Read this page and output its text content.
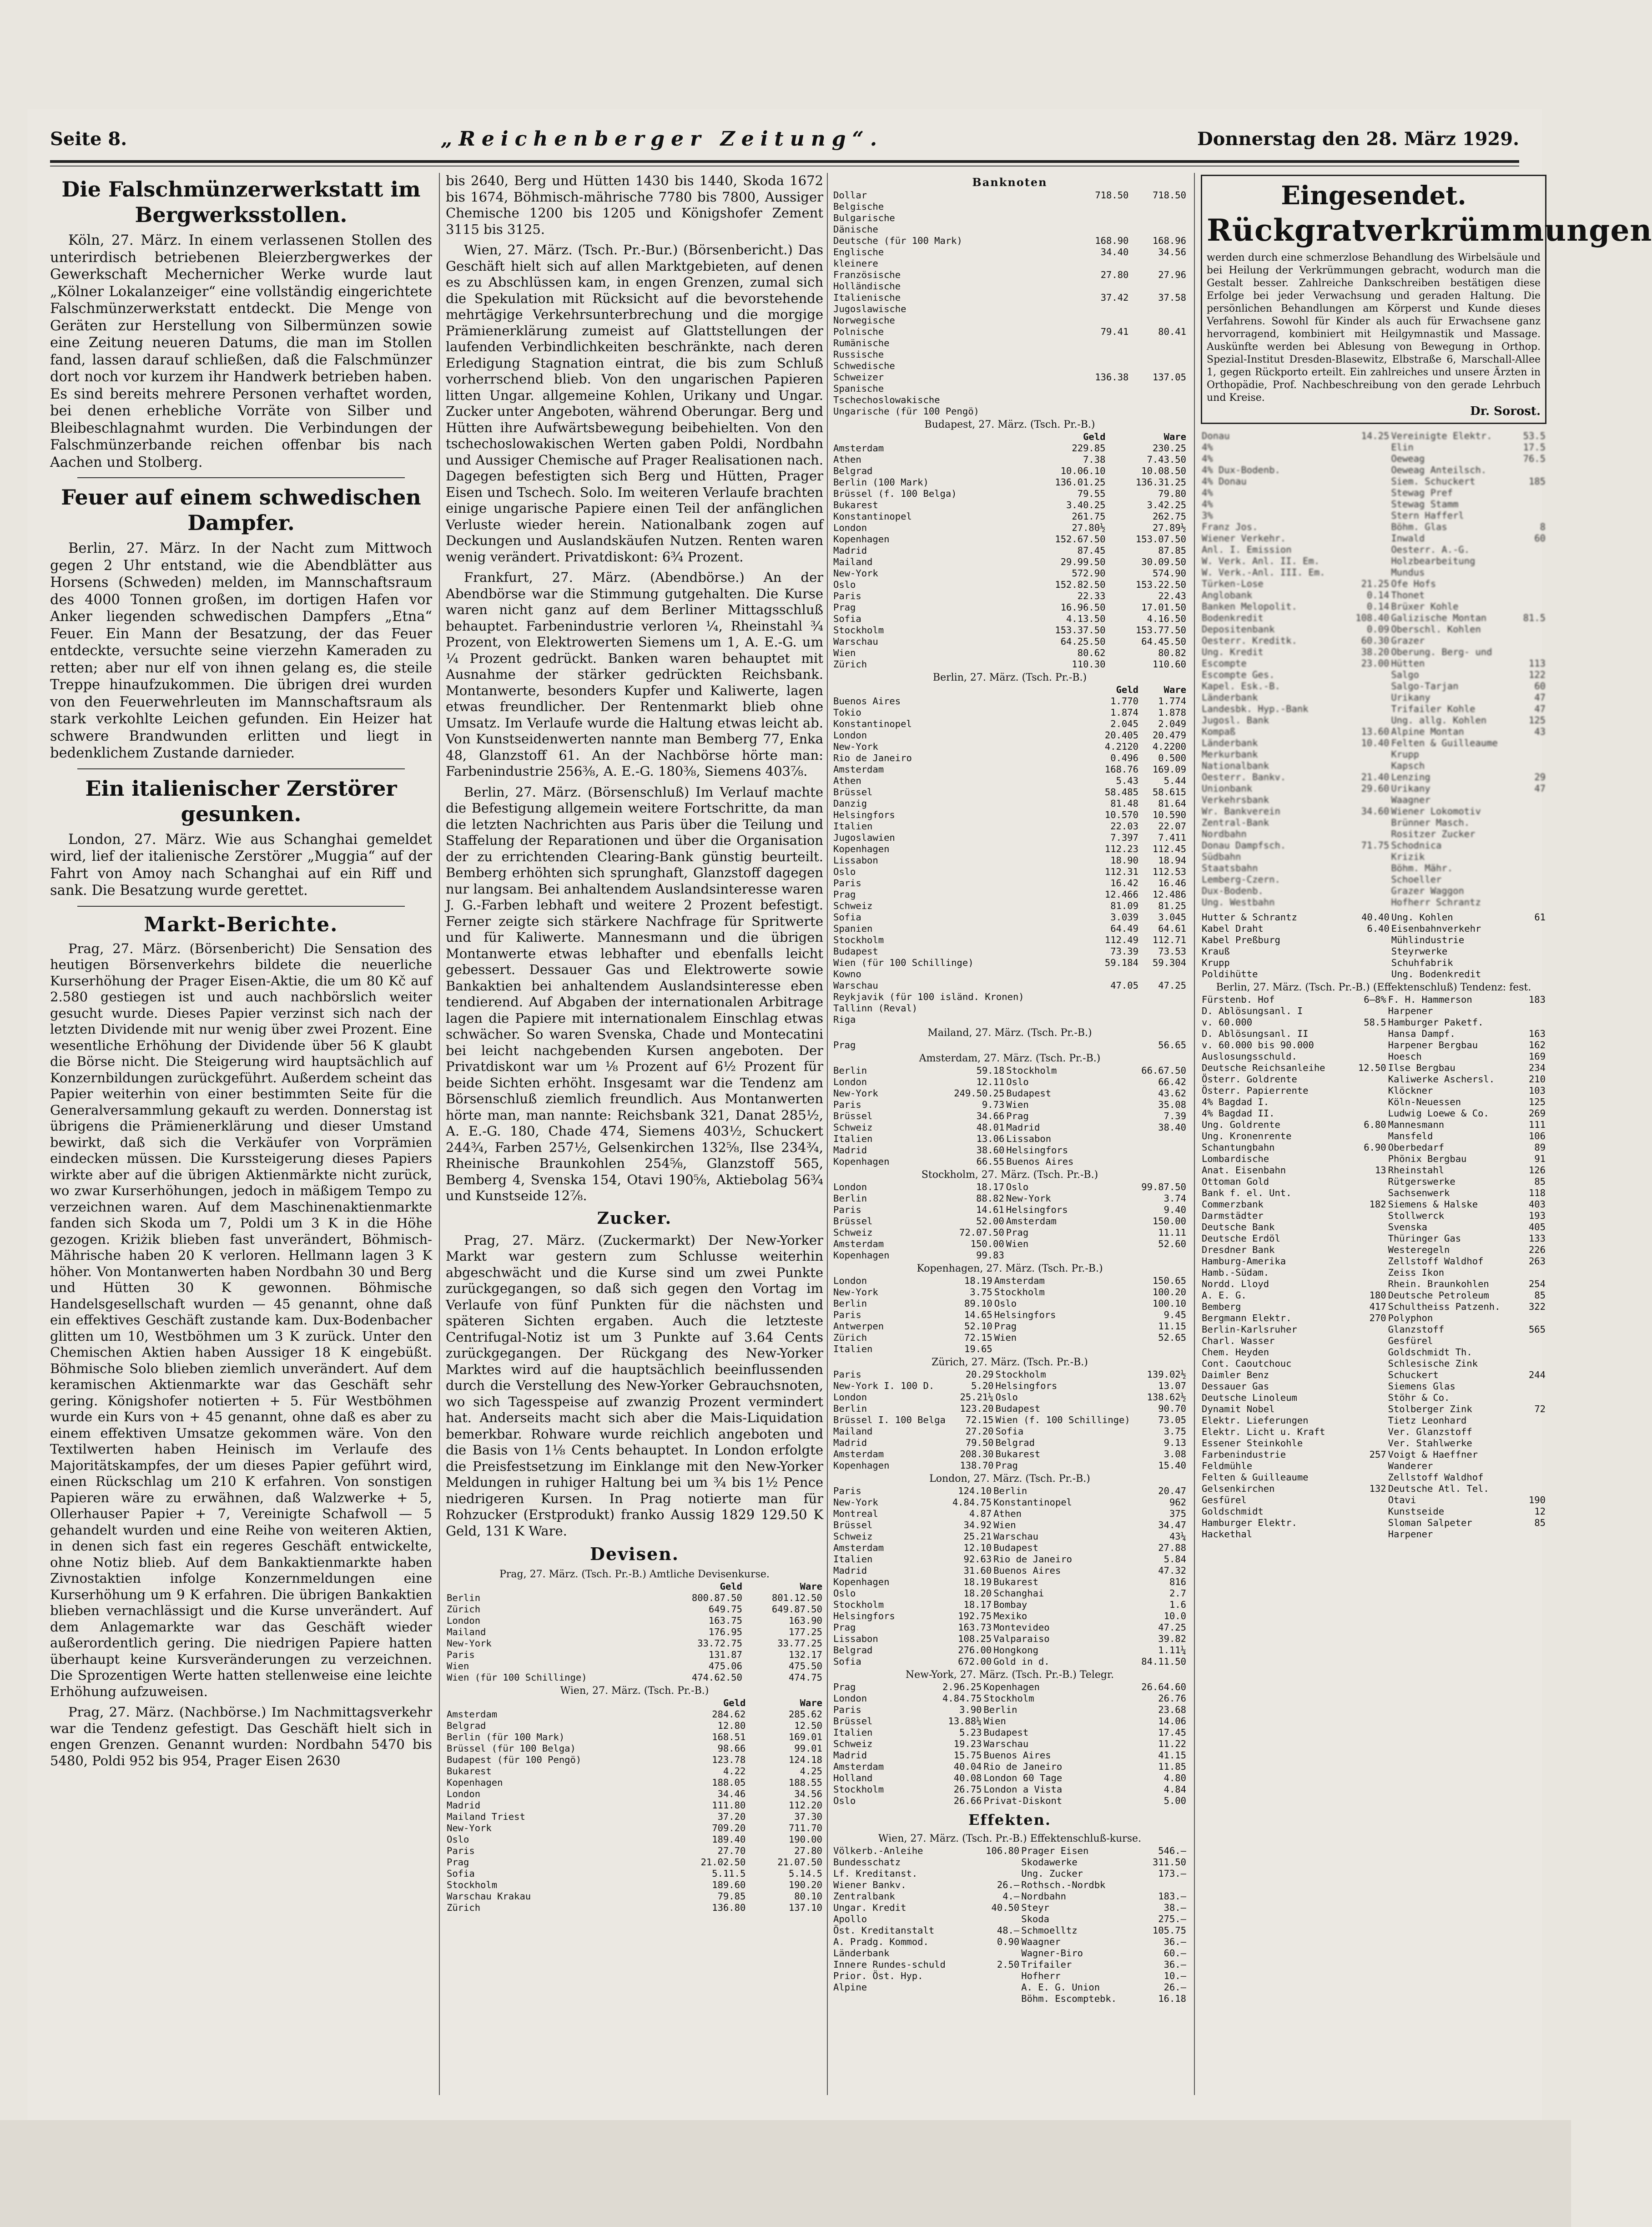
Seite 8.	„Reichenberger Zeitung“.	Donnerstag den 28. März 1929.
Die Falschmünzerwerkstatt im Bergwerksstollen.

Köln, 27. März. In einem verlassenen Stollen des unterirdisch betriebenen Bleierzbergwerkes der Gewerkschaft Mechernicher Werke wurde laut „Kölner Lokalanzeiger“ eine vollständig eingerichtete Falschmünzerwerkstatt entdeckt. Die Menge von Geräten zur Herstellung von Silbermünzen sowie eine Zeitung neueren Datums, die man im Stollen fand, lassen darauf schließen, daß die Falschmünzer dort noch vor kurzem ihr Handwerk betrieben haben. Es sind bereits mehrere Personen verhaftet worden, bei denen erhebliche Vorräte von Silber und Bleibeschlagnahmt wurden. Die Verbindungen der Falschmünzerbande reichen offenbar bis nach Aachen und Stolberg.

Feuer auf einem schwedischen Dampfer.

Berlin, 27. März. In der Nacht zum Mittwoch gegen 2 Uhr entstand, wie die Abendblätter aus Horsens (Schweden) melden, im Mannschaftsraum des 4000 Tonnen großen, im dortigen Hafen vor Anker liegenden schwedischen Dampfers „Etna“ Feuer. Ein Mann der Besatzung, der das Feuer entdeckte, versuchte seine vierzehn Kameraden zu retten; aber nur elf von ihnen gelang es, die steile Treppe hinaufzukommen. Die übrigen drei wurden von den Feuerwehrleuten im Mannschaftsraum als stark verkohlte Leichen gefunden. Ein Heizer hat schwere Brandwunden erlitten und liegt in bedenklichem Zustande darnieder.

Ein italienischer Zerstörer gesunken.

London, 27. März. Wie aus Schanghai gemeldet wird, lief der italienische Zerstörer „Muggia“ auf der Fahrt von Amoy nach Schanghai auf ein Riff und sank. Die Besatzung wurde gerettet.

Markt-Berichte.

Prag, 27. März. (Börsenbericht) Die Sensation des heutigen Börsenverkehrs bildete die neuerliche Kurserhöhung der Prager Eisen-Aktie, die um 80 Kč auf 2.580 gestiegen ist und auch nachbörslich weiter gesucht wurde. Dieses Papier verzinst sich nach der letzten Dividende mit nur wenig über zwei Prozent. Eine wesentliche Erhöhung der Dividende über 56 K glaubt die Börse nicht. Die Steigerung wird hauptsächlich auf Konzernbildungen zurückgeführt. Außerdem scheint das Papier weiterhin von einer bestimmten Seite für die Generalversammlung gekauft zu werden. Donnerstag ist übrigens die Prämienerklärung und dieser Umstand bewirkt, daß sich die Verkäufer von Vorprämien eindecken müssen. Die Kurssteigerung dieses Papiers wirkte aber auf die übrigen Aktienmärkte nicht zurück, wo zwar Kurserhöhungen, jedoch in mäßigem Tempo zu verzeichnen waren. Auf dem Maschinenaktienmarkte fanden sich Skoda um 7, Poldi um 3 K in die Höhe gezogen. Kriżik blieben fast unverändert, Böhmisch-Mährische haben 20 K verloren. Hellmann lagen 3 K höher. Von Montanwerten haben Nordbahn 30 und Berg und Hütten 30 K gewonnen. Böhmische Handelsgesellschaft wurden — 45 genannt, ohne daß ein effektives Geschäft zustande kam. Dux-Bodenbacher glitten um 10, Westböhmen um 3 K zurück. Unter den Chemischen Aktien haben Aussiger 18 K eingebüßt. Böhmische Solo blieben ziemlich unverändert. Auf dem keramischen Aktienmarkte war das Geschäft sehr gering. Königshofer notierten + 5. Für Westböhmen wurde ein Kurs von + 45 genannt, ohne daß es aber zu einem effektiven Umsatze gekommen wäre. Von den Textilwerten haben Heinisch im Verlaufe des Majoritätskampfes, der um dieses Papier geführt wird, einen Rückschlag um 210 K erfahren. Von sonstigen Papieren wäre zu erwähnen, daß Walzwerke + 5, Ollerhauser Papier + 7, Vereinigte Schafwoll — 5 gehandelt wurden und eine Reihe von weiteren Aktien, in denen sich fast ein regeres Geschäft entwickelte, ohne Notiz blieb. Auf dem Bankaktienmarkte haben Zivnostaktien infolge Konzernmeldungen eine Kurserhöhung um 9 K erfahren. Die übrigen Bankaktien blieben vernachlässigt und die Kurse unverändert. Auf dem Anlagemarkte war das Geschäft wieder außerordentlich gering. Die niedrigen Papiere hatten überhaupt keine Kursveränderungen zu verzeichnen. Die Sprozentigen Werte hatten stellenweise eine leichte Erhöhung aufzuweisen.

Prag, 27. März. (Nachbörse.) Im Nachmittagsverkehr war die Tendenz gefestigt. Das Geschäft hielt sich in engen Grenzen. Genannt wurden: Nordbahn 5470 bis 5480, Poldi 952 bis 954, Prager Eisen 2630

bis 2640, Berg und Hütten 1430 bis 1440, Skoda 1672 bis 1674, Böhmisch-mährische 7780 bis 7800, Aussiger Chemische 1200 bis 1205 und Königshofer Zement 3115 bis 3125.

Wien, 27. März. (Tsch. Pr.-Bur.) (Börsenbericht.) Das Geschäft hielt sich auf allen Marktgebieten, auf denen es zu Abschlüssen kam, in engen Grenzen, zumal sich die Spekulation mit Rücksicht auf die bevorstehende mehrtägige Verkehrsunterbrechung und die morgige Prämienerklärung zumeist auf Glattstellungen der laufenden Verbindlichkeiten beschränkte, nach deren Erledigung Stagnation eintrat, die bis zum Schluß vorherrschend blieb. Von den ungarischen Papieren litten Ungar. allgemeine Kohlen, Urikany und Ungar. Zucker unter Angeboten, während Oberungar. Berg und Hütten ihre Aufwärtsbewegung beibehielten. Von den tschechoslowakischen Werten gaben Poldi, Nordbahn und Aussiger Chemische auf Prager Realisationen nach. Dagegen befestigten sich Berg und Hütten, Prager Eisen und Tschech. Solo. Im weiteren Verlaufe brachten einige ungarische Papiere einen Teil der anfänglichen Verluste wieder herein. Nationalbank zogen auf Deckungen und Auslandskäufen Nutzen. Renten waren wenig verändert. Privatdiskont: 6¾ Prozent.

Frankfurt, 27. März. (Abendbörse.) An der Abendbörse war die Stimmung gutgehalten. Die Kurse waren nicht ganz auf dem Berliner Mittagsschluß behauptet. Farbenindustrie verloren ¼, Rheinstahl ¾ Prozent, von Elektrowerten Siemens um 1, A. E.-G. um ¼ Prozent gedrückt. Banken waren behauptet mit Ausnahme der stärker gedrückten Reichsbank. Montanwerte, besonders Kupfer und Kaliwerte, lagen etwas freundlicher. Der Rentenmarkt blieb ohne Umsatz. Im Verlaufe wurde die Haltung etwas leicht ab. Von Kunstseidenwerten nannte man Bemberg 77, Enka 48, Glanzstoff 61. An der Nachbörse hörte man: Farbenindustrie 256⅜, A. E.-G. 180⅜, Siemens 403⅞.

Berlin, 27. März. (Börsenschluß) Im Verlauf machte die Befestigung allgemein weitere Fortschritte, da man die letzten Nachrichten aus Paris über die Teilung und Staffelung der Reparationen und über die Organisation der zu errichtenden Clearing-Bank günstig beurteilt. Bemberg erhöhten sich sprunghaft, Glanzstoff dagegen nur langsam. Bei anhaltendem Auslandsinteresse waren J. G.-Farben lebhaft und weitere 2 Prozent befestigt. Ferner zeigte sich stärkere Nachfrage für Spritwerte und für Kaliwerte. Mannesmann und die übrigen Montanwerte etwas lebhafter und ebenfalls leicht gebessert. Dessauer Gas und Elektrowerte sowie Bankaktien bei anhaltendem Auslandsinteresse eben tendierend. Auf Abgaben der internationalen Arbitrage lagen die Papiere mit internationalem Einschlag etwas schwächer. So waren Svenska, Chade und Montecatini bei leicht nachgebenden Kursen angeboten. Der Privatdiskont war um ⅛ Prozent auf 6½ Prozent für beide Sichten erhöht. Insgesamt war die Tendenz am Börsenschluß ziemlich freundlich. Aus Montanwerten hörte man, man nannte: Reichsbank 321, Danat 285½, A. E.-G. 180, Chade 474, Siemens 403½, Schuckert 244¾, Farben 257½, Gelsenkirchen 132⅝, Ilse 234¾, Rheinische Braunkohlen 254⅝, Glanzstoff 565, Bemberg 4, Svenska 154, Otavi 190⅝, Aktiebolag 56¾ und Kunstseide 12⅞.

Zucker.

Prag, 27. März. (Zuckermarkt) Der New-Yorker Markt war gestern zum Schlusse weiterhin abgeschwächt und die Kurse sind um zwei Punkte zurückgegangen, so daß sich gegen den Vortag im Verlaufe von fünf Punkten für die nächsten und späteren Sichten ergaben. Auch die letzteste Centrifugal-Notiz ist um 3 Punkte auf 3.64 Cents zurückgegangen. Der Rückgang des New-Yorker Marktes wird auf die hauptsächlich beeinflussenden durch die Verstellung des New-Yorker Gebrauchsnoten, wo sich Tagesspeise auf zwanzig Prozent vermindert hat. Anderseits macht sich aber die Mais-Liquidation bemerkbar. Rohware wurde reichlich angeboten und die Basis von 1⅛ Cents behauptet. In London erfolgte die Preisfestsetzung im Einklange mit den New-Yorker Meldungen in ruhiger Haltung bei um ¾ bis 1½ Pence niedrigeren Kursen. In Prag notierte man für Rohzucker (Erstprodukt) franko Aussig 1829 129.50 K Geld, 131 K Ware.

Devisen.
Prag, 27. März. (Tsch. Pr.-B.) Amtliche Devisenkurse.
	Geld	Ware
Berlin	800.87.50	801.12.50
Zürich	649.75	649.87.50
London	163.75	163.90
Mailand	176.95	177.25
New-York	33.72.75	33.77.25
Paris	131.87	132.17
Wien	475.06	475.50
Wien (für 100 Schillinge)	474.62.50	474.75
Wien, 27. März. (Tsch. Pr.-B.)
	Geld	Ware
Amsterdam	284.62	285.62
Belgrad	12.80	12.50
Berlin (für 100 Mark)	168.51	169.01
Brüssel (für 100 Belga)	98.66	99.01
Budapest (für 100 Pengö)	123.78	124.18
Bukarest	4.22	4.25
Kopenhagen	188.05	188.55
London	34.46	34.56
Madrid	111.80	112.20
Mailand Triest	37.20	37.30
New-York	709.20	711.70
Oslo	189.40	190.00
Paris	27.70	27.80
Prag	21.02.50	21.07.50
Sofia	5.11.5	5.14.5
Stockholm	189.60	190.20
Warschau Krakau	79.85	80.10
Zürich	136.80	137.10
Banknoten
Dollar	718.50	718.50
Belgische		
Bulgarische		
Dänische		
Deutsche (für 100 Mark)	168.90	168.96
Englische	34.40	34.56
kleinere		
Französische	27.80	27.96
Holländische		
Italienische	37.42	37.58
Jugoslawische		
Norwegische		
Polnische	79.41	80.41
Rumänische		
Russische		
Schwedische		
Schweizer	136.38	137.05
Spanische		
Tschechoslowakische		
Ungarische (für 100 Pengö)		
Budapest, 27. März. (Tsch. Pr.-B.)
	Geld	Ware
Amsterdam	229.85	230.25
Athen	7.38	7.43.50
Belgrad	10.06.10	10.08.50
Berlin (100 Mark)	136.01.25	136.31.25
Brüssel (f. 100 Belga)	79.55	79.80
Bukarest	3.40.25	3.42.25
Konstantinopel	261.75	262.75
London	27.80½	27.89½
Kopenhagen	152.67.50	153.07.50
Madrid	87.45	87.85
Mailand	29.99.50	30.09.50
New-York	572.90	574.90
Oslo	152.82.50	153.22.50
Paris	22.33	22.43
Prag	16.96.50	17.01.50
Sofia	4.13.50	4.16.50
Stockholm	153.37.50	153.77.50
Warschau	64.25.50	64.45.50
Wien	80.62	80.82
Zürich	110.30	110.60
Berlin, 27. März. (Tsch. Pr.-B.)
	Geld	Ware
Buenos Aires	1.770	1.774
Tokio	1.874	1.878
Konstantinopel	2.045	2.049
London	20.405	20.479
New-York	4.2120	4.2200
Rio de Janeiro	0.496	0.500
Amsterdam	168.76	169.09
Athen	5.43	5.44
Brüssel	58.485	58.615
Danzig	81.48	81.64
Helsingfors	10.570	10.590
Italien	22.03	22.07
Jugoslawien	7.397	7.411
Kopenhagen	112.23	112.45
Lissabon	18.90	18.94
Oslo	112.31	112.53
Paris	16.42	16.46
Prag	12.466	12.486
Schweiz	81.09	81.25
Sofia	3.039	3.045
Spanien	64.49	64.61
Stockholm	112.49	112.71
Budapest	73.39	73.53
Wien (für 100 Schillinge)	59.184	59.304
Kowno		
Warschau	47.05	47.25
Reykjavik (für 100 isländ. Kronen)		
Tallinn (Reval)		
Riga		
Mailand, 27. März. (Tsch. Pr.-B.)
Prag	56.65
Amsterdam, 27. März. (Tsch. Pr.-B.)
Berlin	59.18	Stockholm	66.67.50
London	12.11	Oslo	66.42
New-York	249.50.25	Budapest	43.62
Paris	9.73	Wien	35.08
Brüssel	34.66	Prag	7.39
Schweiz	48.01	Madrid	38.40
Italien	13.06	Lissabon	
Madrid	38.60	Helsingfors	
Kopenhagen	66.55	Buenos Aires	
Stockholm, 27. März. (Tsch. Pr.-B.)
London	18.17	Oslo	99.87.50
Berlin	88.82	New-York	3.74
Paris	14.61	Helsingfors	9.40
Brüssel	52.00	Amsterdam	150.00
Schweiz	72.07.50	Prag	11.11
Amsterdam	150.00	Wien	52.60
Kopenhagen	99.83		
Kopenhagen, 27. März. (Tsch. Pr.-B.)
London	18.19	Amsterdam	150.65
New-York	3.75	Stockholm	100.20
Berlin	89.10	Oslo	100.10
Paris	14.65	Helsingfors	9.45
Antwerpen	52.10	Prag	11.15
Zürich	72.15	Wien	52.65
Italien	19.65		
Zürich, 27. März. (Tsch. Pr.-B.)
Paris	20.29	Stockholm	139.02½
New-York I. 100 D.	5.20	Helsingfors	13.07
London	25.21¼	Oslo	138.62½
Berlin	123.20	Budapest	90.70
Brüssel I. 100 Belga	72.15	Wien (f. 100 Schillinge)	73.05
Mailand	27.20	Sofia	3.75
Madrid	79.50	Belgrad	9.13
Amsterdam	208.30	Bukarest	3.08
Kopenhagen	138.70	Prag	15.40
London, 27. März. (Tsch. Pr.-B.)
Paris	124.10	Berlin	20.47
New-York	4.84.75	Konstantinopel	962
Montreal	4.87	Athen	375
Brüssel	34.92	Wien	34.47
Schweiz	25.21	Warschau	43¼
Amsterdam	12.10	Budapest	27.88
Italien	92.63	Rio de Janeiro	5.84
Madrid	31.60	Buenos Aires	47.32
Kopenhagen	18.19	Bukarest	816
Oslo	18.20	Schanghai	2.7
Stockholm	18.17	Bombay	1.6
Helsingfors	192.75	Mexiko	10.0
Prag	163.73	Montevideo	47.25
Lissabon	108.25	Valparaiso	39.82
Belgrad	276.00	Hongkong	1.11¼
Sofia	672.00	Gold in d.	84.11.50
New-York, 27. März. (Tsch. Pr.-B.) Telegr.
Prag	2.96.25	Kopenhagen	26.64.60
London	4.84.75	Stockholm	26.76
Paris	3.90	Berlin	23.68
Brüssel	13.88¼	Wien	14.06
Italien	5.23	Budapest	17.45
Schweiz	19.23	Warschau	11.22
Madrid	15.75	Buenos Aires	41.15
Amsterdam	40.04	Rio de Janeiro	11.85
Holland	40.08	London 60 Tage	4.80
Stockholm	26.75	London a Vista	4.84
Oslo	26.66	Privat-Diskont	5.00
Effekten.
Wien, 27. März. (Tsch. Pr.-B.) Effektenschluß-kurse.
Völkerb.-Anleihe	106.80	Prager Eisen	546.—
Bundesschatz		Skodawerke	311.50
Lf. Kreditanst.		Ung. Zucker	173.—
Wiener Bankv.	26.—	Rothsch.-Nordbk	
Zentralbank	4.—	Nordbahn	183.—
Ungar. Kredit	40.50	Steyr	38.—
Apollo		Skoda	275.—
Öst. Kreditanstalt	48.—	Schmoelltz	105.75
A. Pradg. Kommod.	0.90	Waagner	36.—
Länderbank		Wagner-Biro	60.—
Innere Rundes-schuld	2.50	Trifailer	36.—
Prior. Öst. Hyp.		Hofherr	10.—
Alpine		A. E. G. Union	26.—
		Böhm. Escomptebk.	16.18
Eingesendet.
Rückgratverkrümmungen
werden durch eine schmerzlose Behandlung des Wirbelsäule und bei Heilung der Verkrümmungen gebracht, wodurch man die Gestalt besser. Zahlreiche Dankschreiben bestätigen diese Erfolge bei jeder Verwachsung und geraden Haltung. Die persönlichen Behandlungen am Körperst und Kunde dieses Verfahrens. Sowohl für Kinder als auch für Erwachsene ganz hervorragend, kombiniert mit Heilgymnastik und Massage. Auskünfte werden bei Ablesung von Bewegung in Orthop. Spezial-Institut Dresden-Blasewitz, Elbstraße 6, Marschall-Allee 1, gegen Rückporto erteilt. Ein zahlreiches und unsere Ärzten in Orthopädie, Prof. Nachbeschreibung von den gerade Lehrbuch und Kreise.
Dr. Sorost.
Donau	14.25	Vereinigte Elektr.	53.5
4%		Elin	17.5
4%		Oeweag	76.5
4% Dux-Bodenb.		Oeweag Anteilsch.	
4% Donau		Siem. Schuckert	185
4%		Stewag Pref	
4%		Stewag Stamm	
3%		Stern Hafferl	
Franz Jos.		Böhm. Glas	8
Wiener Verkehr.		Inwald	60
Anl. I. Emission		Oesterr. A.-G.	
W. Verk. Anl. II. Em.		Holzbearbeitung	
W. Verk.-Anl. III. Em.		Mundus	
Türken-Lose	21.25	Ofe Hofs	
Anglobank	0.14	Thonet	
Banken Melopolit.	0.14	Brüxer Kohle	
Bodenkredit	108.40	Galizische Montan	81.5
Depositenbank	0.09	Oberschl. Kohlen	
Oesterr. Kreditk.	60.30	Grazer	
Ung. Kredit	38.20	Oberung. Berg- und	
Escompte	23.00	Hütten	113
Escompte Ges.		Salgo	122
Kapel. Esk.-B.		Salgo-Tarjan	60
Länderbank		Urikany	47
Landesbk. Hyp.-Bank		Trifailer Kohle	47
Jugosl. Bank		Ung. allg. Kohlen	125
Kompaß	13.60	Alpine Montan	43
Länderbank	10.40	Felten & Guilleaume	
Merkurbank		Krupp	
Nationalbank		Kapsch	
Oesterr. Bankv.	21.40	Lenzing	29
Unionbank	29.60	Urikany	47
Verkehrsbank		Waagner	
Wr. Bankverein	34.60	Wiener Lokomotiv	
Zentral-Bank		Brünner Masch.	
Nordbahn		Rositzer Zucker	
Donau Dampfsch.	71.75	Schodnica	
Südbahn		Krizik	
Staatsbahn		Böhm. Mähr.	
Lemberg-Czern.		Schoeller	
Dux-Bodenb.		Grazer Waggon	
Ung. Westbahn		Hofherr Schrantz	
Hutter & Schrantz	40.40	Ung. Kohlen	61
Kabel Draht	6.40	Eisenbahnverkehr	
Kabel Preßburg		Mühlindustrie	
Krauß		Steyrwerke	
Krupp		Schuhfabrik	
Poldihütte		Ung. Bodenkredit	
Berlin, 27. März. (Tsch. Pr.-B.) (Effektenschluß) Tendenz: fest.
Fürstenb. Hof	6—8%	F. H. Hammerson	183
D. Ablösungsanl. I		Harpener	
v. 60.000	58.5	Hamburger Paketf.	
D. Ablösungsanl. II		Hansa Dampf.	163
v. 60.000 bis 90.000		Harpener Bergbau	162
Auslosungsschuld.		Hoesch	169
Deutsche Reichsanleihe	12.50	Ilse Bergbau	234
Österr. Goldrente		Kaliwerke Aschersl.	210
Österr. Papierrente		Klöckner	103
4% Bagdad I.		Köln-Neuessen	125
4% Bagdad II.		Ludwig Loewe & Co.	269
Ung. Goldrente	6.80	Mannesmann	111
Ung. Kronenrente		Mansfeld	106
Schantungbahn	6.90	Oberbedarf	89
Lombardische		Phönix Bergbau	91
Anat. Eisenbahn	13	Rheinstahl	126
Ottoman Gold		Rütgerswerke	85
Bank f. el. Unt.		Sachsenwerk	118
Commerzbank	182	Siemens & Halske	403
Darmstädter		Stollwerck	193
Deutsche Bank		Svenska	405
Deutsche Erdöl		Thüringer Gas	133
Dresdner Bank		Westeregeln	226
Hamburg-Amerika		Zellstoff Waldhof	263
Hamb.-Südam.		Zeiss Ikon	
Nordd. Lloyd		Rhein. Braunkohlen	254
A. E. G.	180	Deutsche Petroleum	85
Bemberg	417	Schultheiss Patzenh.	322
Bergmann Elektr.	270	Polyphon	
Berlin-Karlsruher		Glanzstoff	565
Charl. Wasser		Gesfürel	
Chem. Heyden		Goldschmidt Th.	
Cont. Caoutchouc		Schlesische Zink	
Daimler Benz		Schuckert	244
Dessauer Gas		Siemens Glas	
Deutsche Linoleum		Stöhr & Co.	
Dynamit Nobel		Stolberger Zink	72
Elektr. Lieferungen		Tietz Leonhard	
Elektr. Licht u. Kraft		Ver. Glanzstoff	
Essener Steinkohle		Ver. Stahlwerke	
Farbenindustrie	257	Voigt & Haeffner	
Feldmühle		Wanderer	
Felten & Guilleaume		Zellstoff Waldhof	
Gelsenkirchen	132	Deutsche Atl. Tel.	
Gesfürel		Otavi	190
Goldschmidt		Kunstseide	12
Hamburger Elektr.		Sloman Salpeter	85
Hackethal		Harpener	
